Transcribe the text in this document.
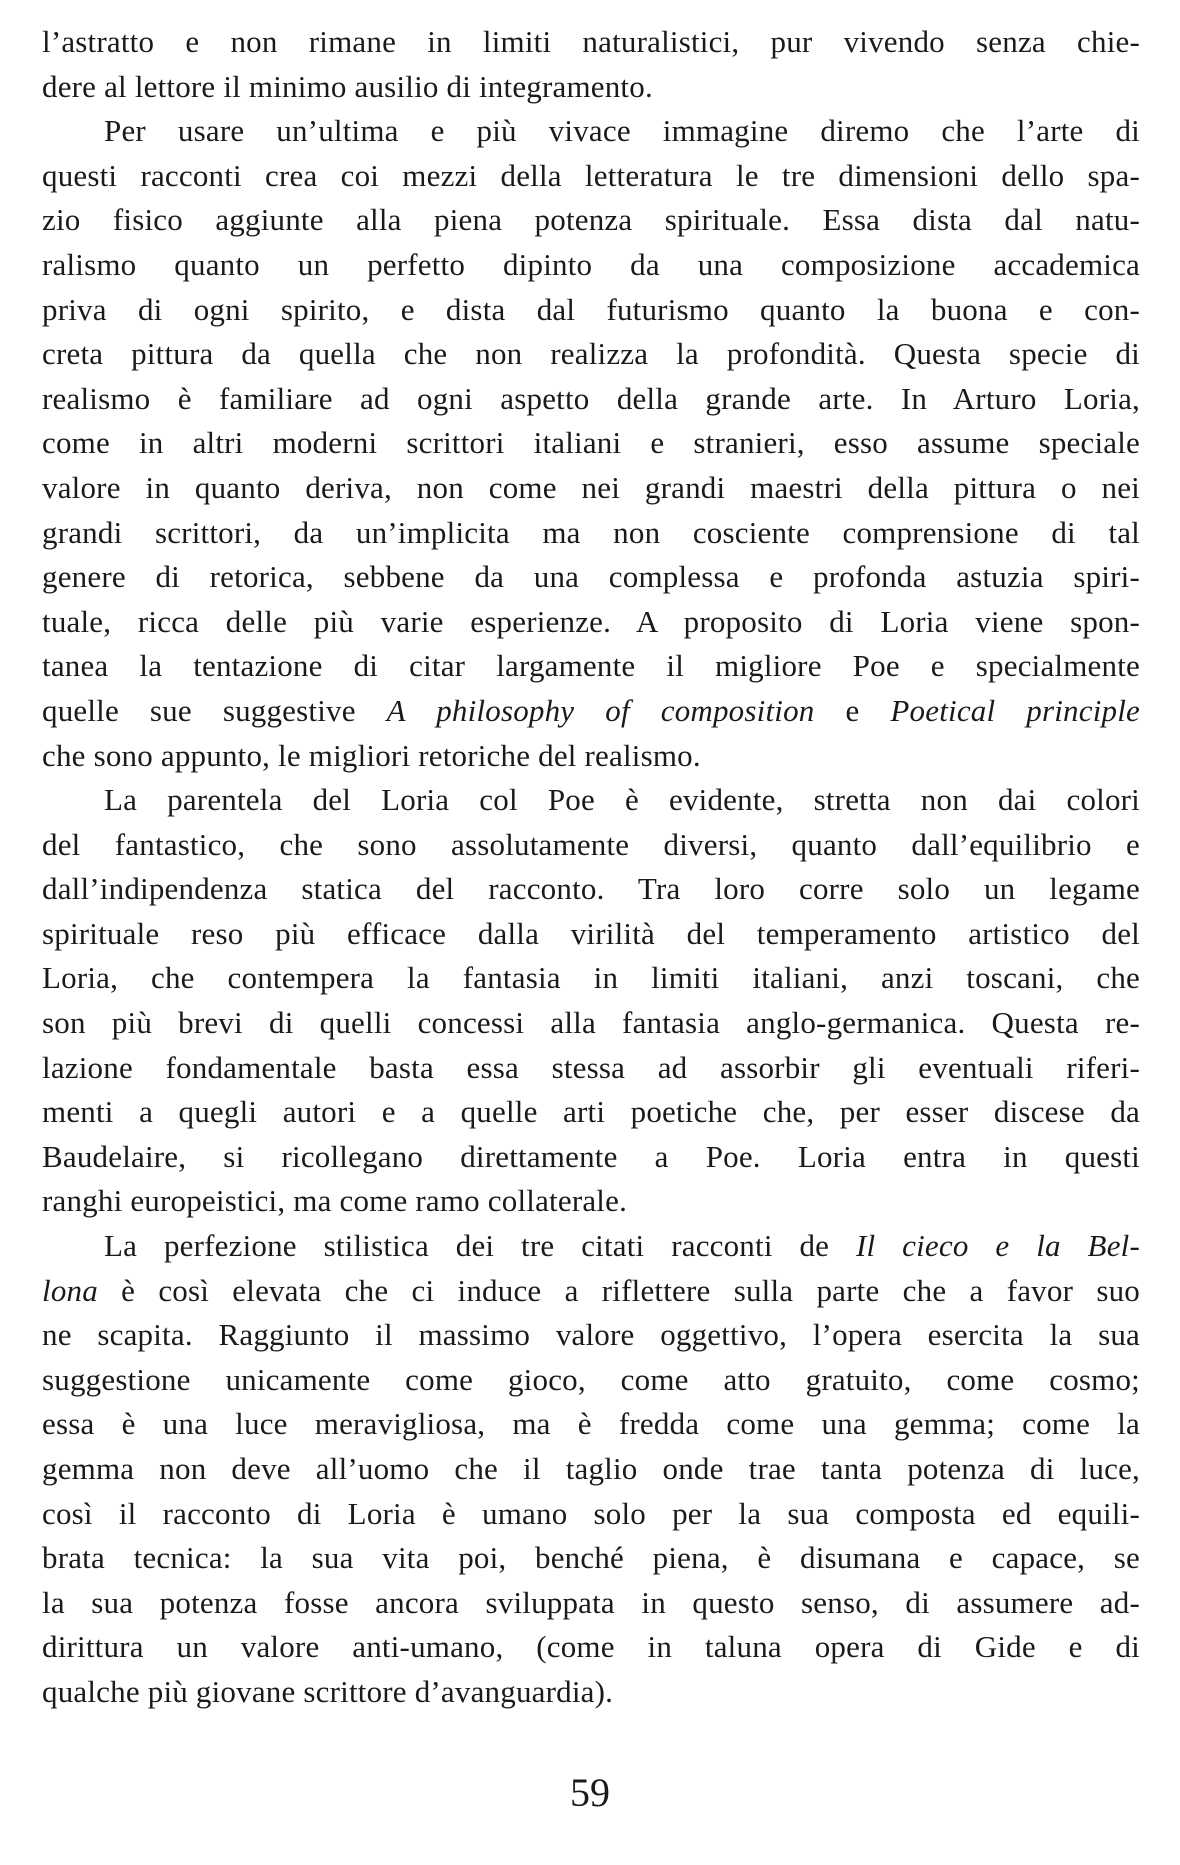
l’astratto e non rimane in limiti naturalistici, pur vivendo senza chie-
dere al lettore il minimo ausilio di integramento.
Per usare un’ultima e più vivace immagine diremo che l’arte di
questi racconti crea coi mezzi della letteratura le tre dimensioni dello spa-
zio fisico aggiunte alla piena potenza spirituale. Essa dista dal natu-
ralismo quanto un perfetto dipinto da una composizione accademica
priva di ogni spirito, e dista dal futurismo quanto la buona e con-
creta pittura da quella che non realizza la profondità. Questa specie di
realismo è familiare ad ogni aspetto della grande arte. In Arturo Loria,
come in altri moderni scrittori italiani e stranieri, esso assume speciale
valore in quanto deriva, non come nei grandi maestri della pittura o nei
grandi scrittori, da un’implicita ma non cosciente comprensione di tal
genere di retorica, sebbene da una complessa e profonda astuzia spiri-
tuale, ricca delle più varie esperienze. A proposito di Loria viene spon-
tanea la tentazione di citar largamente il migliore Poe e specialmente
quelle sue suggestive A philosophy of composition e Poetical principle
che sono appunto, le migliori retoriche del realismo.
La parentela del Loria col Poe è evidente, stretta non dai colori
del fantastico, che sono assolutamente diversi, quanto dall’equilibrio e
dall’indipendenza statica del racconto. Tra loro corre solo un legame
spirituale reso più efficace dalla virilità del temperamento artistico del
Loria, che contempera la fantasia in limiti italiani, anzi toscani, che
son più brevi di quelli concessi alla fantasia anglo-germanica. Questa re-
lazione fondamentale basta essa stessa ad assorbir gli eventuali riferi-
menti a quegli autori e a quelle arti poetiche che, per esser discese da
Baudelaire, si ricollegano direttamente a Poe. Loria entra in questi
ranghi europeistici, ma come ramo collaterale.
La perfezione stilistica dei tre citati racconti de Il cieco e la Bel-
lona è così elevata che ci induce a riflettere sulla parte che a favor suo
ne scapita. Raggiunto il massimo valore oggettivo, l’opera esercita la sua
suggestione unicamente come gioco, come atto gratuito, come cosmo;
essa è una luce meravigliosa, ma è fredda come una gemma; come la
gemma non deve all’uomo che il taglio onde trae tanta potenza di luce,
così il racconto di Loria è umano solo per la sua composta ed equili-
brata tecnica: la sua vita poi, benché piena, è disumana e capace, se
la sua potenza fosse ancora sviluppata in questo senso, di assumere ad-
dirittura un valore anti-umano, (come in taluna opera di Gide e di
qualche più giovane scrittore d’avanguardia).
59
